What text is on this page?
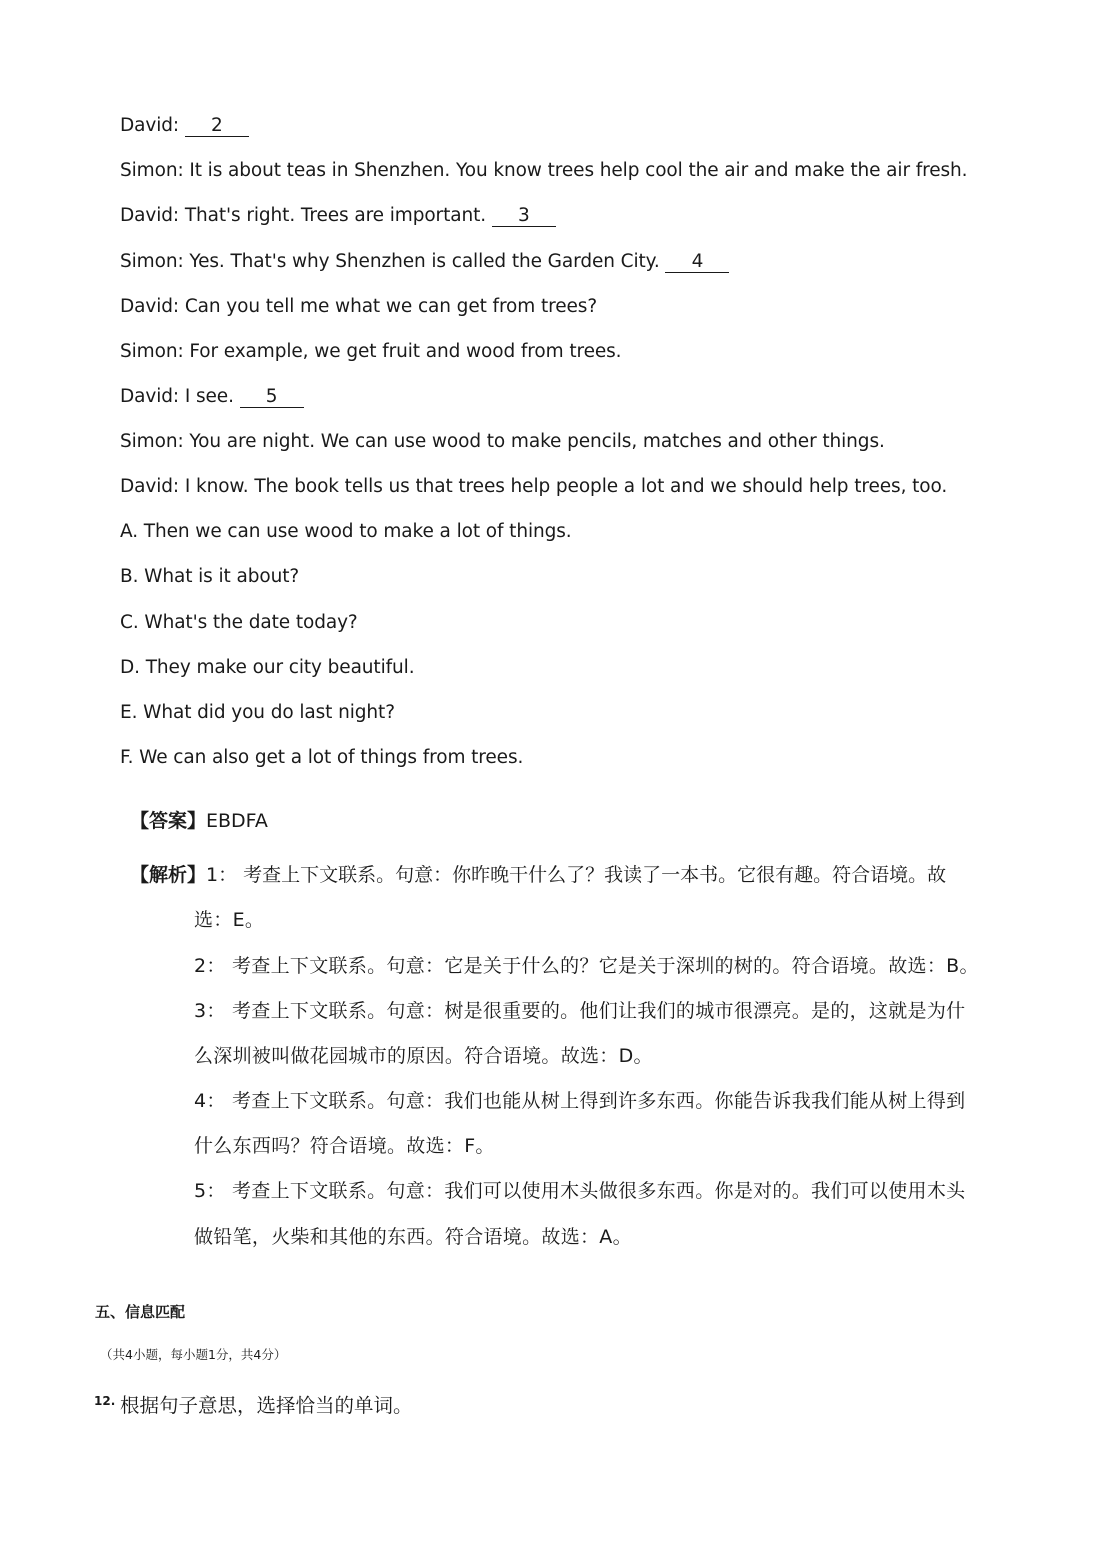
David: 2
Simon: It is about teas in Shenzhen. You know trees help cool the air and make the air fresh.
David: That's right. Trees are important. 3
Simon: Yes. That's why Shenzhen is called the Garden City. 4
David: Can you tell me what we can get from trees?
Simon: For example, we get fruit and wood from trees.
David: I see. 5
Simon: You are night. We can use wood to make pencils, matches and other things.
David: I know. The book tells us that trees help people a lot and we should help trees, too.
A. Then we can use wood to make a lot of things.
B. What is it about?
C. What's the date today?
D. They make our city beautiful.
E. What did you do last night?
F. We can also get a lot of things from trees.
【答案】EBDFA
【解析】1： 考查上下文联系。句意：你昨晚干什么了？我读了一本书。它很有趣。符合语境。故
选：E。
2： 考查上下文联系。句意：它是关于什么的？它是关于深圳的树的。符合语境。故选：B。
3： 考查上下文联系。句意：树是很重要的。他们让我们的城市很漂亮。是的，这就是为什
么深圳被叫做花园城市的原因。符合语境。故选：D。
4： 考查上下文联系。句意：我们也能从树上得到许多东西。你能告诉我我们能从树上得到
什么东西吗？符合语境。故选：F。
5： 考查上下文联系。句意：我们可以使用木头做很多东西。你是对的。我们可以使用木头
做铅笔，火柴和其他的东西。符合语境。故选：A。
五、信息匹配
（共4小题，每小题1分，共4分）
12. 根据句子意思，选择恰当的单词。
